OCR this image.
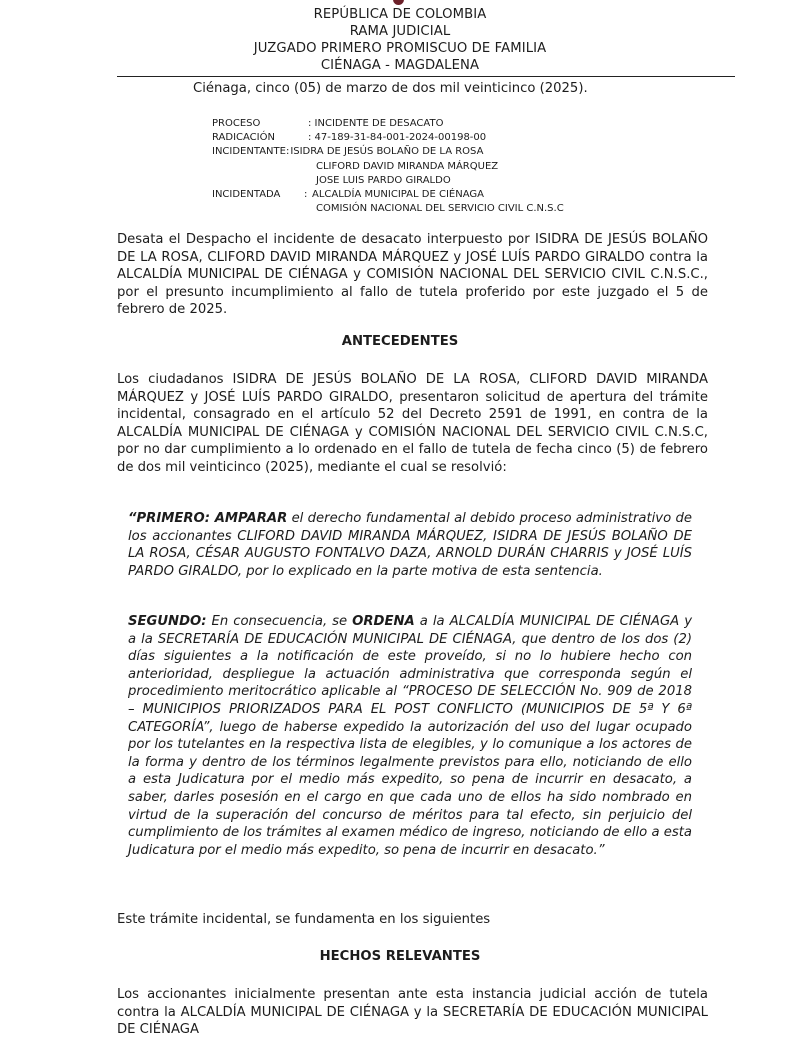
REPÚBLICA DE COLOMBIA
RAMA JUDICIAL
JUZGADO PRIMERO PROMISCUO DE FAMILIA
CIÉNAGA - MAGDALENA
Ciénaga, cinco (05) de marzo de dos mil veinticinco (2025).
PROCESO	: INCIDENTE DE DESACATO
RADICACIÓN	: 47-189-31-84-001-2024-00198-00
INCIDENTANTE: ISIDRA DE JESÚS BOLAÑO DE LA ROSA
CLIFORD DAVID MIRANDA MÁRQUEZ
JOSE LUIS PARDO GIRALDO
INCIDENTADA	: ALCALDÍA MUNICIPAL DE CIÉNAGA
COMISIÓN NACIONAL DEL SERVICIO CIVIL C.N.S.C
Desata el Despacho el incidente de desacato interpuesto por ISIDRA DE JESÚS BOLAÑO DE LA ROSA, CLIFORD DAVID MIRANDA MÁRQUEZ y JOSÉ LUÍS PARDO GIRALDO contra la ALCALDÍA MUNICIPAL DE CIÉNAGA y COMISIÓN NACIONAL DEL SERVICIO CIVIL C.N.S.C., por el presunto incumplimiento al fallo de tutela proferido por este juzgado el 5 de febrero de 2025.
ANTECEDENTES
Los ciudadanos ISIDRA DE JESÚS BOLAÑO DE LA ROSA, CLIFORD DAVID MIRANDA MÁRQUEZ y JOSÉ LUÍS PARDO GIRALDO, presentaron solicitud de apertura del trámite incidental, consagrado en el artículo 52 del Decreto 2591 de 1991, en contra de la ALCALDÍA MUNICIPAL DE CIÉNAGA y COMISIÓN NACIONAL DEL SERVICIO CIVIL C.N.S.C, por no dar cumplimiento a lo ordenado en el fallo de tutela de fecha cinco (5) de febrero de dos mil veinticinco (2025), mediante el cual se resolvió:
“PRIMERO: AMPARAR el derecho fundamental al debido proceso administrativo de los accionantes CLIFORD DAVID MIRANDA MÁRQUEZ, ISIDRA DE JESÚS BOLAÑO DE LA ROSA, CÉSAR AUGUSTO FONTALVO DAZA, ARNOLD DURÁN CHARRIS y JOSÉ LUÍS PARDO GIRALDO, por lo explicado en la parte motiva de esta sentencia.
SEGUNDO: En consecuencia, se ORDENA a la ALCALDÍA MUNICIPAL DE CIÉNAGA y a la SECRETARÍA DE EDUCACIÓN MUNICIPAL DE CIÉNAGA, que dentro de los dos (2) días siguientes a la notificación de este proveído, si no lo hubiere hecho con anterioridad, despliegue la actuación administrativa que corresponda según el procedimiento meritocrático aplicable al “PROCESO DE SELECCIÓN No. 909 de 2018 – MUNICIPIOS PRIORIZADOS PARA EL POST CONFLICTO (MUNICIPIOS DE 5ª Y 6ª CATEGORÍA”, luego de haberse expedido la autorización del uso del lugar ocupado por los tutelantes en la respectiva lista de elegibles, y lo comunique a los actores de la forma y dentro de los términos legalmente previstos para ello, noticiando de ello a esta Judicatura por el medio más expedito, so pena de incurrir en desacato, a saber, darles posesión en el cargo en que cada uno de ellos ha sido nombrado en virtud de la superación del concurso de méritos para tal efecto, sin perjuicio del cumplimiento de los trámites al examen médico de ingreso, noticiando de ello a esta Judicatura por el medio más expedito, so pena de incurrir en desacato.”
Este trámite incidental, se fundamenta en los siguientes
HECHOS RELEVANTES
Los accionantes inicialmente presentan ante esta instancia judicial acción de tutela contra la ALCALDÍA MUNICIPAL DE CIÉNAGA y la SECRETARÍA DE EDUCACIÓN MUNICIPAL DE CIÉNAGA
